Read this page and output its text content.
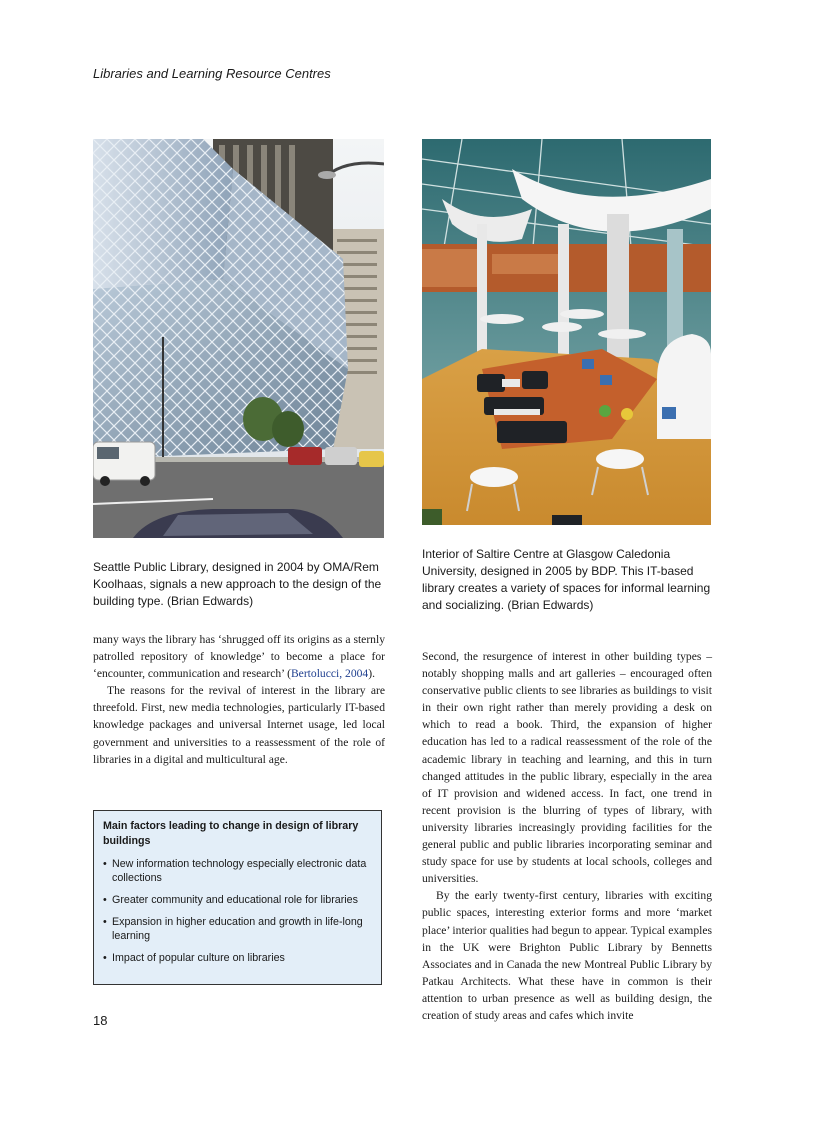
Libraries and Learning Resource Centres
Seattle Public Library, designed in 2004 by OMA/Rem Koolhaas, signals a new approach to the design of the building type. (Brian Edwards)
Interior of Saltire Centre at Glasgow Caledonia University, designed in 2005 by BDP. This IT-based library creates a variety of spaces for informal learning and socializing. (Brian Edwards)

many ways the library has ‘shrugged off its origins as a sternly patrolled repository of knowledge’ to become a place for ‘encounter, communication and research’ (Bertolucci, 2004).

The reasons for the revival of interest in the library are threefold. First, new media technologies, particularly IT-based knowledge packages and universal Internet usage, led local government and universities to a reassessment of the role of libraries in a digital and multicultural age.

Main factors leading to change in design of library buildings
• New information technology especially electronic data collections
• Greater community and educational role for libraries
• Expansion in higher education and growth in life-long learning
• Impact of popular culture on libraries

Second, the resurgence of interest in other building types – notably shopping malls and art galleries – encouraged often conservative public clients to see libraries as buildings to visit in their own right rather than merely providing a desk on which to read a book. Third, the expansion of higher education has led to a radical reassessment of the role of the academic library in teaching and learning, and this in turn changed attitudes in the public library, especially in the area of IT provision and widened access. In fact, one trend in recent provision is the blurring of types of library, with university libraries increasingly providing facilities for the general public and public libraries incorporating seminar and study space for use by students at local schools, colleges and universities.

By the early twenty-first century, libraries with exciting public spaces, interesting exterior forms and more ‘market place’ interior qualities had begun to appear. Typical examples in the UK were Brighton Public Library by Bennetts Associates and in Canada the new Montreal Public Library by Patkau Architects. What these have in common is their attention to urban presence as well as building design, the creation of study areas and cafes which invite

18
